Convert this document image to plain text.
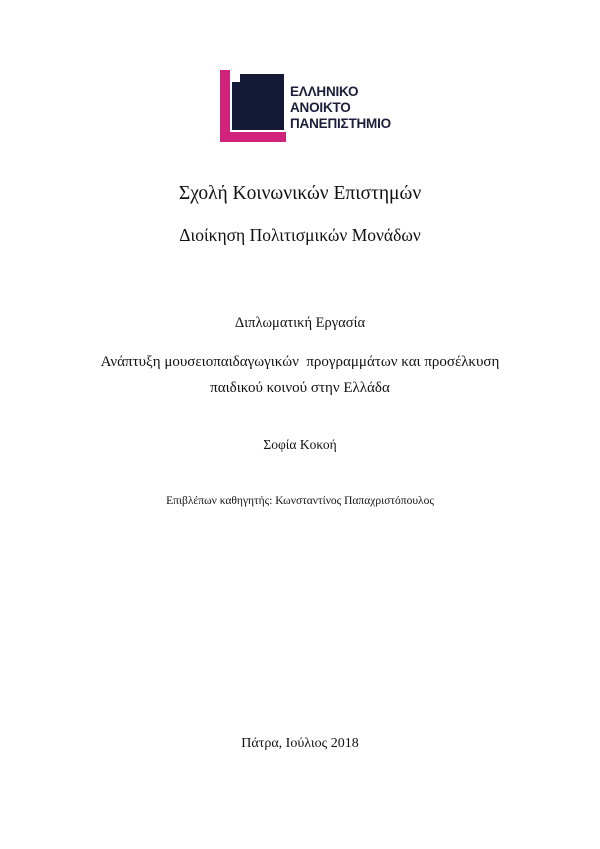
ΕΛΛΗΝΙΚΟ
ΑΝΟΙΚΤΟ
ΠΑΝΕΠΙΣΤΗΜΙΟ
Σχολή Κοινωνικών Επιστημών
Διοίκηση Πολιτισμικών Μονάδων
Διπλωματική Εργασία
Ανάπτυξη μουσειοπαιδαγωγικών  προγραμμάτων και προσέλκυση
παιδικού κοινού στην Ελλάδα
Σοφία Κοκοή
Επιβλέπων καθηγητής: Κωνσταντίνος Παπαχριστόπουλος
Πάτρα, Ιούλιος 2018
